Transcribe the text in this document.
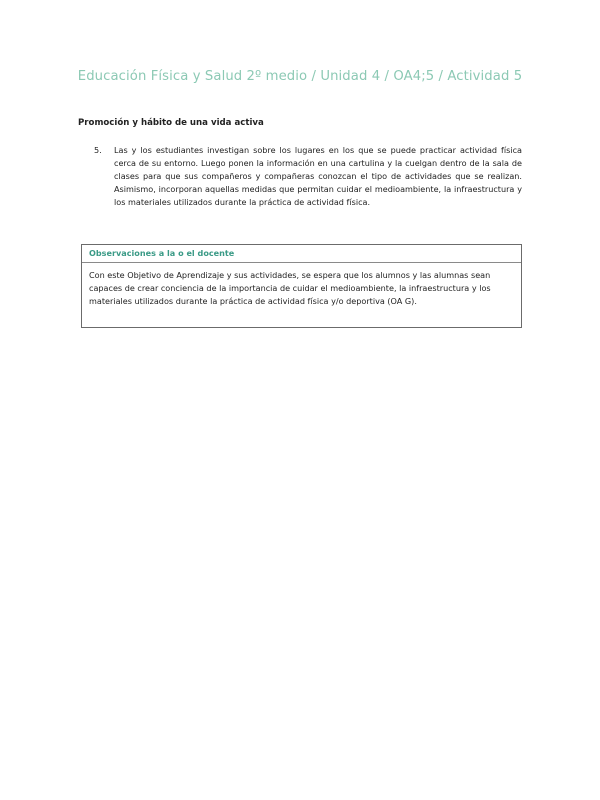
Educación Física y Salud 2º medio / Unidad 4 / OA4;5 / Actividad 5
Promoción y hábito de una vida activa
5.	Las y los estudiantes investigan sobre los lugares en los que se puede practicar actividad física cerca de su entorno. Luego ponen la información en una cartulina y la cuelgan dentro de la sala de clases para que sus compañeros y compañeras conozcan el tipo de actividades que se realizan. Asimismo, incorporan aquellas medidas que permitan cuidar el medioambiente, la infraestructura y los materiales utilizados durante la práctica de actividad física.
Observaciones a la o el docente
Con este Objetivo de Aprendizaje y sus actividades, se espera que los alumnos y las alumnas sean capaces de crear conciencia de la importancia de cuidar el medioambiente, la infraestructura y los materiales utilizados durante la práctica de actividad física y/o deportiva (OA G).
